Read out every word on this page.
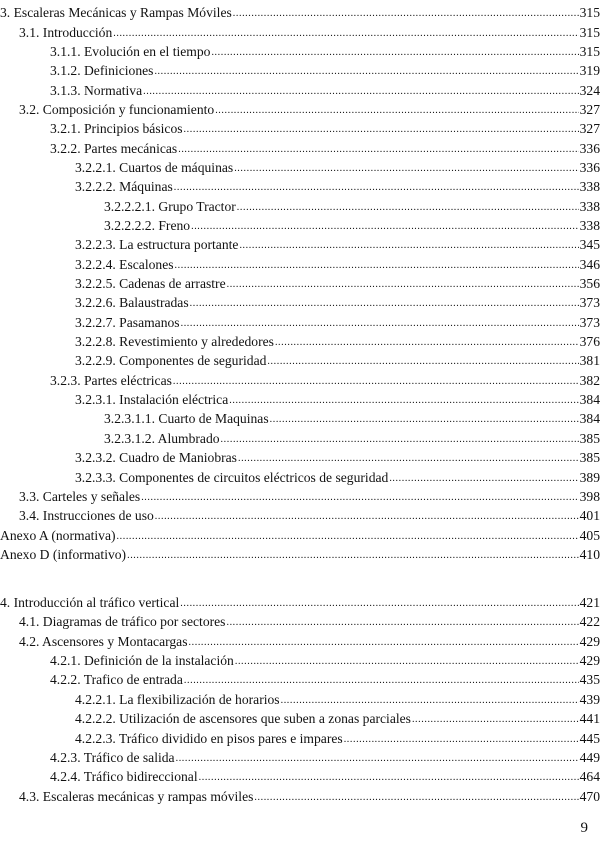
3. Escaleras Mecánicas y Rampas Móviles .....	315
3.1. Introducción .....	315
3.1.1. Evolución en el tiempo .....	315
3.1.2. Definiciones .....	319
3.1.3. Normativa .....	324
3.2. Composición y funcionamiento .....	327
3.2.1. Principios básicos .....	327
3.2.2. Partes mecánicas .....	336
3.2.2.1. Cuartos de máquinas .....	336
3.2.2.2. Máquinas .....	338
3.2.2.2.1. Grupo Tractor .....	338
3.2.2.2.2. Freno .....	338
3.2.2.3. La estructura portante .....	345
3.2.2.4. Escalones .....	346
3.2.2.5. Cadenas de arrastre .....	356
3.2.2.6. Balaustradas .....	373
3.2.2.7. Pasamanos .....	373
3.2.2.8. Revestimiento y alrededores .....	376
3.2.2.9. Componentes de seguridad .....	381
3.2.3. Partes eléctricas .....	382
3.2.3.1. Instalación eléctrica .....	384
3.2.3.1.1. Cuarto de Maquinas .....	384
3.2.3.1.2. Alumbrado .....	385
3.2.3.2. Cuadro de Maniobras .....	385
3.2.3.3. Componentes de circuitos eléctricos de seguridad .....	389
3.3. Carteles y señales .....	398
3.4. Instrucciones de uso .....	401
Anexo A (normativa) .....	405
Anexo D (informativo) .....	410
4. Introducción al tráfico vertical .....	421
4.1. Diagramas de tráfico por sectores .....	422
4.2. Ascensores y Montacargas .....	429
4.2.1. Definición de la instalación .....	429
4.2.2. Trafico de entrada .....	435
4.2.2.1. La flexibilización de horarios .....	439
4.2.2.2. Utilización de ascensores que suben a zonas parciales .....	441
4.2.2.3. Tráfico dividido en pisos pares e impares .....	445
4.2.3. Tráfico de salida .....	449
4.2.4. Tráfico bidireccional .....	464
4.3. Escaleras mecánicas y rampas móviles .....	470
9
